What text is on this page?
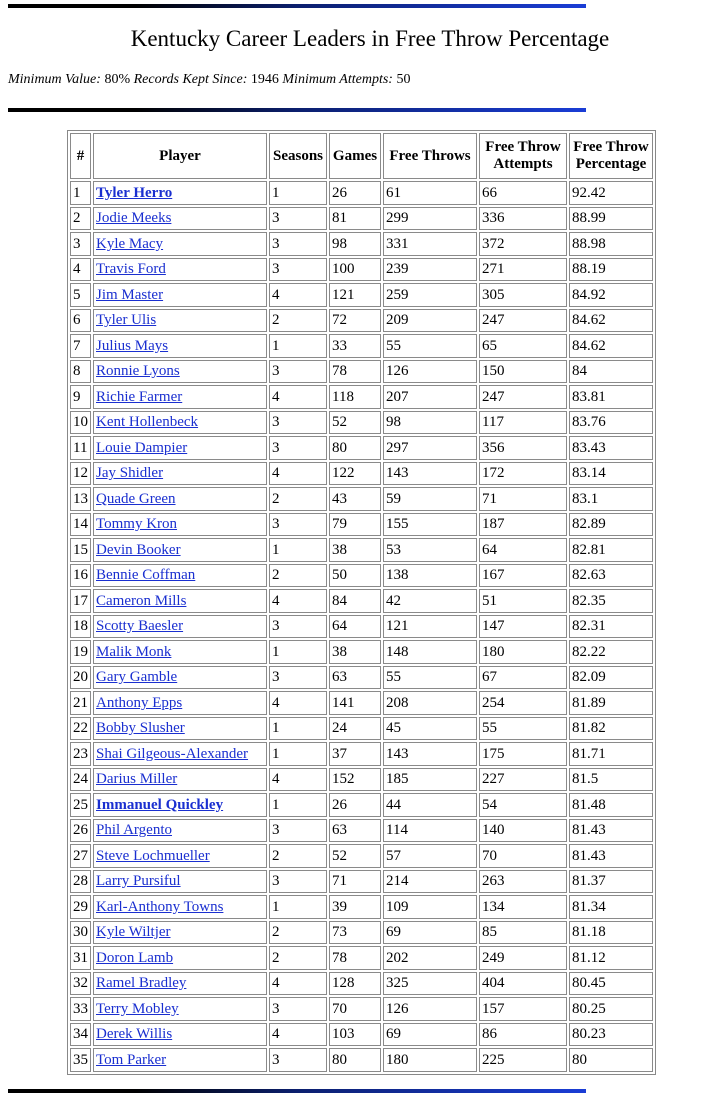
Kentucky Career Leaders in Free Throw Percentage
Minimum Value: 80% Records Kept Since: 1946 Minimum Attempts: 50
#	Player	Seasons	Games	Free Throws	Free Throw Attempts	Free Throw Percentage
1	Tyler Herro	1	26	61	66	92.42
2	Jodie Meeks	3	81	299	336	88.99
3	Kyle Macy	3	98	331	372	88.98
4	Travis Ford	3	100	239	271	88.19
5	Jim Master	4	121	259	305	84.92
6	Tyler Ulis	2	72	209	247	84.62
7	Julius Mays	1	33	55	65	84.62
8	Ronnie Lyons	3	78	126	150	84
9	Richie Farmer	4	118	207	247	83.81
10	Kent Hollenbeck	3	52	98	117	83.76
11	Louie Dampier	3	80	297	356	83.43
12	Jay Shidler	4	122	143	172	83.14
13	Quade Green	2	43	59	71	83.1
14	Tommy Kron	3	79	155	187	82.89
15	Devin Booker	1	38	53	64	82.81
16	Bennie Coffman	2	50	138	167	82.63
17	Cameron Mills	4	84	42	51	82.35
18	Scotty Baesler	3	64	121	147	82.31
19	Malik Monk	1	38	148	180	82.22
20	Gary Gamble	3	63	55	67	82.09
21	Anthony Epps	4	141	208	254	81.89
22	Bobby Slusher	1	24	45	55	81.82
23	Shai Gilgeous-Alexander	1	37	143	175	81.71
24	Darius Miller	4	152	185	227	81.5
25	Immanuel Quickley	1	26	44	54	81.48
26	Phil Argento	3	63	114	140	81.43
27	Steve Lochmueller	2	52	57	70	81.43
28	Larry Pursiful	3	71	214	263	81.37
29	Karl-Anthony Towns	1	39	109	134	81.34
30	Kyle Wiltjer	2	73	69	85	81.18
31	Doron Lamb	2	78	202	249	81.12
32	Ramel Bradley	4	128	325	404	80.45
33	Terry Mobley	3	70	126	157	80.25
34	Derek Willis	4	103	69	86	80.23
35	Tom Parker	3	80	180	225	80
